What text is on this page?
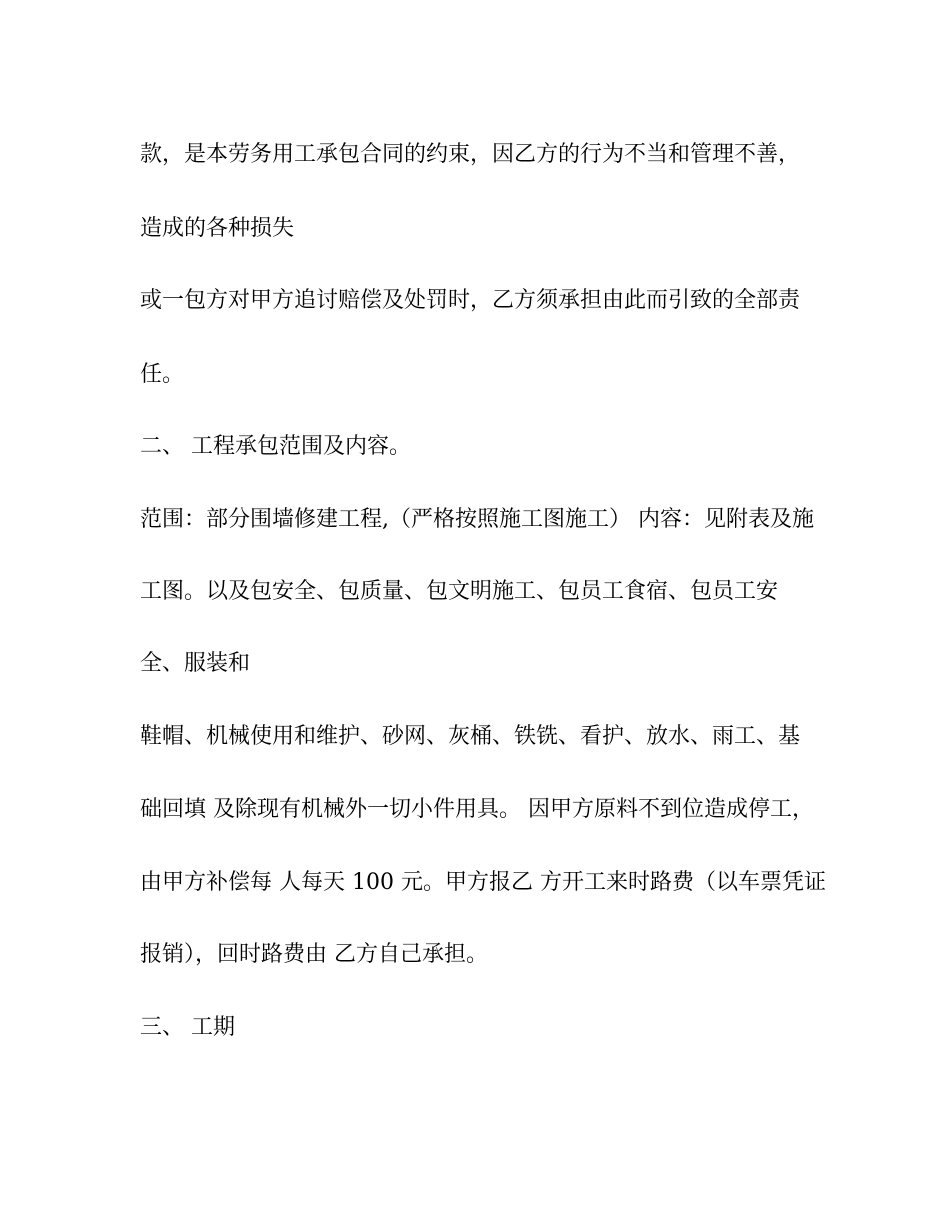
款，是本劳务用工承包合同的约束，因乙方的行为不当和管理不善，
造成的各种损失
或一包方对甲方追讨赔偿及处罚时，乙方须承担由此而引致的全部责
任。
二、 工程承包范围及内容。
范围：部分围墙修建工程,（严格按照施工图施工） 内容：见附表及施
工图。以及包安全、包质量、包文明施工、包员工食宿、包员工安
全、服装和
鞋帽、机械使用和维护、砂网、灰桶、铁铣、看护、放水、雨工、基
础回填 及除现有机械外一切小件用具。 因甲方原料不到位造成停工，
由甲方补偿每 人每天 100 元。甲方报乙 方开工来时路费（以车票凭证
报销），回时路费由 乙方自己承担。
三、 工期
